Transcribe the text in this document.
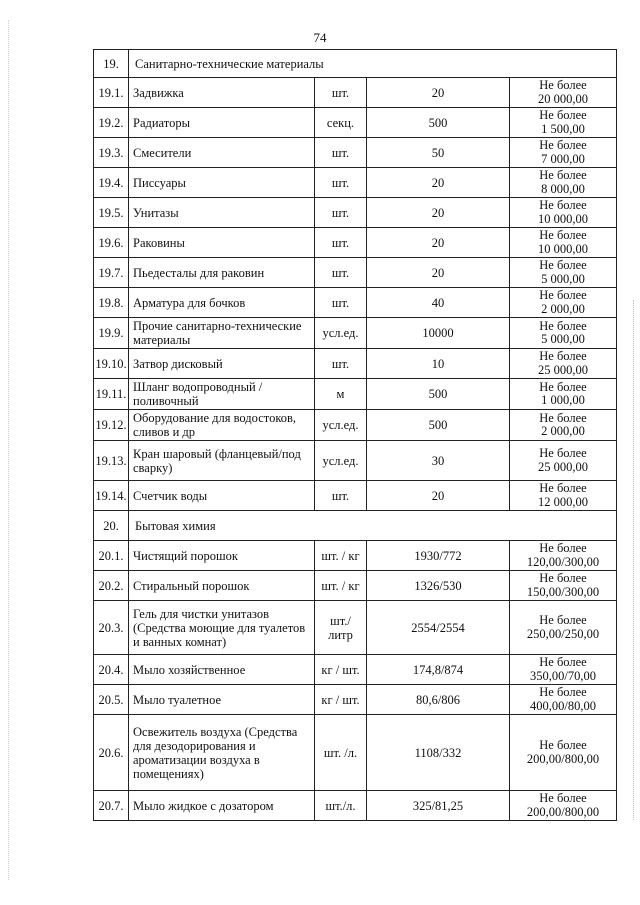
74
19.	Санитарно-технические материалы			
19.1.	Задвижка	шт.	20	Не более
20 000,00

19.2.	Радиаторы	секц.	500	Не более
1 500,00

19.3.	Смесители	шт.	50	Не более
7 000,00

19.4.	Писсуары	шт.	20	Не более
8 000,00

19.5.	Унитазы	шт.	20	Не более
10 000,00

19.6.	Раковины	шт.	20	Не более
10 000,00

19.7.	Пьедесталы для раковин	шт.	20	Не более
5 000,00

19.8.	Арматура для бочков	шт.	40	Не более
2 000,00

19.9.	Прочие санитарно-технические материалы	усл.ед.	10000	Не более
5 000,00

19.10.	Затвор дисковый	шт.	10	Не более
25 000,00

19.11.	Шланг водопроводный /поливочный	м	500	Не более
1 000,00

19.12.	Оборудование для водостоков, сливов и др	усл.ед.	500	Не более
2 000,00

19.13.	Кран шаровый (фланцевый/под сварку)	усл.ед.	30	Не более
25 000,00

19.14.	Счетчик воды	шт.	20	Не более
12 000,00

20.	Бытовая химия			
20.1.	Чистящий порошок	шт. / кг	1930/772	Не более
120,00/300,00

20.2.	Стиральный порошок	шт. / кг	1326/530	Не более
150,00/300,00

20.3.	Гель для чистки унитазов (Средства моющие для туалетов и ванных комнат)	шт./ литр	2554/2554	Не более
250,00/250,00

20.4.	Мыло хозяйственное	кг / шт.	174,8/874	Не более
350,00/70,00

20.5.	Мыло туалетное	кг / шт.	80,6/806	Не более
400,00/80,00

20.6.	Освежитель воздуха (Средства для дезодорирования и ароматизации воздуха в помещениях)	шт. /л.	1108/332	Не более
200,00/800,00

20.7.	Мыло жидкое с дозатором	шт./л.	325/81,25	Не более
200,00/800,00
